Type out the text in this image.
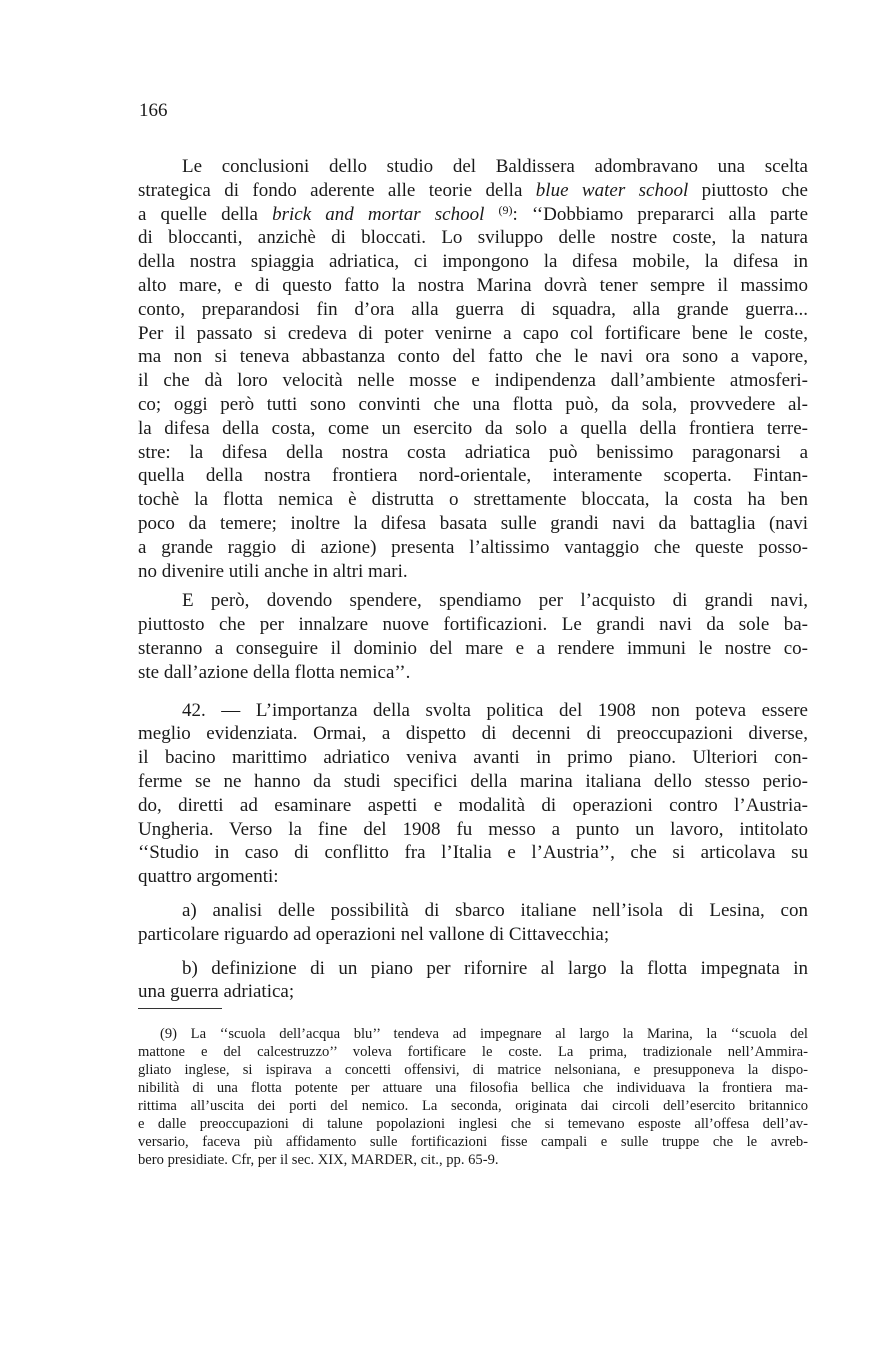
166

Le conclusioni dello studio del Baldissera adombravano una scelta
strategica di fondo aderente alle teorie della blue water school piuttosto che
a quelle della brick and mortar school $^{(9)}$: ‘‘Dobbiamo prepararci alla parte
di bloccanti, anzichè di bloccati. Lo sviluppo delle nostre coste, la natura
della nostra spiaggia adriatica, ci impongono la difesa mobile, la difesa in
alto mare, e di questo fatto la nostra Marina dovrà tener sempre il massimo
conto, preparandosi fin d’ora alla guerra di squadra, alla grande guerra...
Per il passato si credeva di poter venirne a capo col fortificare bene le coste,
ma non si teneva abbastanza conto del fatto che le navi ora sono a vapore,
il che dà loro velocità nelle mosse e indipendenza dall’ambiente atmosferi-
co; oggi però tutti sono convinti che una flotta può, da sola, provvedere al-
la difesa della costa, come un esercito da solo a quella della frontiera terre-
stre: la difesa della nostra costa adriatica può benissimo paragonarsi a
quella della nostra frontiera nord-orientale, interamente scoperta. Fintan-
tochè la flotta nemica è distrutta o strettamente bloccata, la costa ha ben
poco da temere; inoltre la difesa basata sulle grandi navi da battaglia (navi
a grande raggio di azione) presenta l’altissimo vantaggio che queste posso-
no divenire utili anche in altri mari.

E però, dovendo spendere, spendiamo per l’acquisto di grandi navi,
piuttosto che per innalzare nuove fortificazioni. Le grandi navi da sole ba-
steranno a conseguire il dominio del mare e a rendere immuni le nostre co-
ste dall’azione della flotta nemica’’.

42. — L’importanza della svolta politica del 1908 non poteva essere
meglio evidenziata. Ormai, a dispetto di decenni di preoccupazioni diverse,
il bacino marittimo adriatico veniva avanti in primo piano. Ulteriori con-
ferme se ne hanno da studi specifici della marina italiana dello stesso perio-
do, diretti ad esaminare aspetti e modalità di operazioni contro l’Austria-
Ungheria. Verso la fine del 1908 fu messo a punto un lavoro, intitolato
‘‘Studio in caso di conflitto fra l’Italia e l’Austria’’, che si articolava su
quattro argomenti:

a) analisi delle possibilità di sbarco italiane nell’isola di Lesina, con
particolare riguardo ad operazioni nel vallone di Cittavecchia;

b) definizione di un piano per rifornire al largo la flotta impegnata in
una guerra adriatica;

(9) La ‘‘scuola dell’acqua blu’’ tendeva ad impegnare al largo la Marina, la ‘‘scuola del
mattone e del calcestruzzo’’ voleva fortificare le coste. La prima, tradizionale nell’Ammira-
gliato inglese, si ispirava a concetti offensivi, di matrice nelsoniana, e presupponeva la dispo-
nibilità di una flotta potente per attuare una filosofia bellica che individuava la frontiera ma-
rittima all’uscita dei porti del nemico. La seconda, originata dai circoli dell’esercito britannico
e dalle preoccupazioni di talune popolazioni inglesi che si temevano esposte all’offesa dell’av-
versario, faceva più affidamento sulle fortificazioni fisse campali e sulle truppe che le avreb-
bero presidiate. Cfr, per il sec. XIX, MARDER, cit., pp. 65-9.
